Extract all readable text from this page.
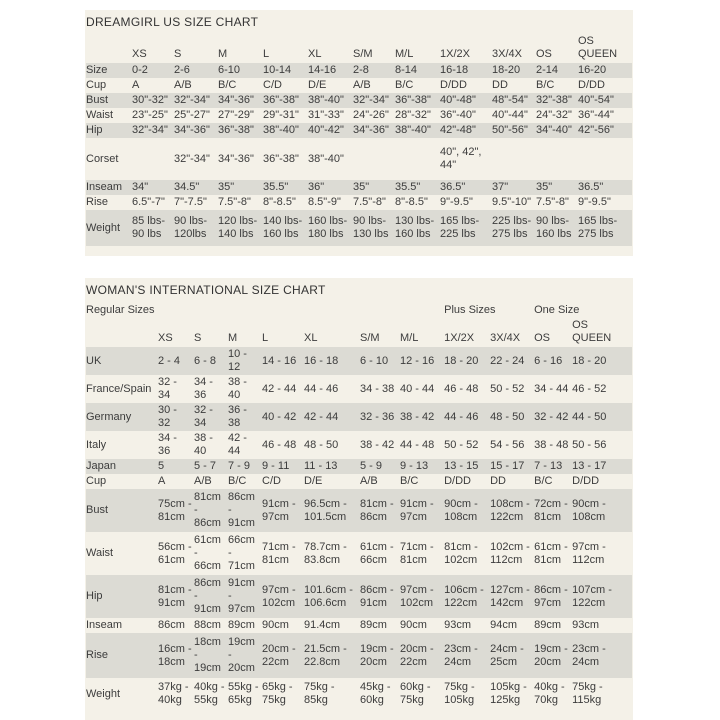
DREAMGIRL US SIZE CHART
	XS	S	M	L	XL	S/M	M/L	1X/2X	3X/4X	OS	OS QUEEN
Size	0-2	2-6	6-10	10-14	14-16	2-8	8-14	16-18	18-20	2-14	16-20
Cup	A	A/B	B/C	C/D	D/E	A/B	B/C	D/DD	DD	B/C	D/DD
Bust	30"-32"	32"-34"	34"-36"	36"-38"	38"-40"	32"-34"	36"-38"	40"-48"	48"-54"	32"-38"	40"-54"
Waist	23"-25"	25"-27"	27"-29"	29"-31"	31"-33"	24"-26"	28"-32"	36"-40"	40"-44"	24"-32"	36"-44"
Hip	32"-34"	34"-36"	36"-38"	38"-40"	40"-42"	34"-36"	38"-40"	42"-48"	50"-56"	34"-40"	42"-56"
Corset		32"-34"	34"-36"	36"-38"	38"-40"			40", 42", 44"			
Inseam	34"	34.5"	35"	35.5"	36"	35"	35.5"	36.5"	37"	35"	36.5"
Rise	6.5"-7"	7"-7.5"	7.5"-8"	8"-8.5"	8.5"-9"	7.5"-8"	8"-8.5"	9"-9.5"	9.5"-10"	7.5"-8"	9"-9.5"
Weight	85 lbs- 90 lbs	90 lbs- 120lbs	120 lbs-140 lbs	140 lbs-160 lbs	160 lbs-180 lbs	90 lbs- 130 lbs	130 lbs-160 lbs	165 lbs- 225 lbs	225 lbs- 275 lbs	90 lbs- 160 lbs	165 lbs- 275 lbs
WOMAN'S INTERNATIONAL SIZE CHART
Regular Sizes								Plus Sizes		One Size	
	XS	S	M	L	XL	S/M	M/L	1X/2X	3X/4X	OS	OS QUEEN
UK	2 - 4	6 - 8	10 - 12	14 - 16	16 - 18	6 - 10	12 - 16	18 - 20	22 - 24	6 - 16	18 - 20
France/Spain	32 - 34	34 - 36	38 - 40	42 - 44	44 - 46	34 - 38	40 - 44	46 - 48	50 - 52	34 - 44	46 - 52
Germany	30 - 32	32 - 34	36 - 38	40 - 42	42 - 44	32 - 36	38 - 42	44 - 46	48 - 50	32 - 42	44 - 50
Italy	34 - 36	38 - 40	42 - 44	46 - 48	48 - 50	38 - 42	44 - 48	50 - 52	54 - 56	38 - 48	50 - 56
Japan	5	5 - 7	7 - 9	9 - 11	11 - 13	5 - 9	9 - 13	13 - 15	15 - 17	7 - 13	13 - 17
Cup	A	A/B	B/C	C/D	D/E	A/B	B/C	D/DD	DD	B/C	D/DD
Bust	75cm - 81cm	81cm - 86cm	86cm - 91cm	91cm - 97cm	96.5cm - 101.5cm	81cm - 86cm	91cm - 97cm	90cm - 108cm	108cm - 122cm	72cm - 81cm	90cm - 108cm
Waist	56cm - 61cm	61cm - 66cm	66cm - 71cm	71cm - 81cm	78.7cm - 83.8cm	61cm - 66cm	71cm - 81cm	81cm - 102cm	102cm - 112cm	61cm - 81cm	97cm - 112cm
Hip	81cm - 91cm	86cm - 91cm	91cm - 97cm	97cm - 102cm	101.6cm - 106.6cm	86cm - 91cm	97cm - 102cm	106cm - 122cm	127cm - 142cm	86cm - 97cm	107cm - 122cm
Inseam	86cm	88cm	89cm	90cm	91.4cm	89cm	90cm	93cm	94cm	89cm	93cm
Rise	16cm - 18cm	18cm - 19cm	19cm - 20cm	20cm - 22cm	21.5cm - 22.8cm	19cm - 20cm	20cm - 22cm	23cm - 24cm	24cm - 25cm	19cm - 20cm	23cm - 24cm
Weight	37kg - 40kg	40kg - 55kg	55kg - 65kg	65kg - 75kg	75kg - 85kg	45kg - 60kg	60kg - 75kg	75kg - 105kg	105kg - 125kg	40kg - 70kg	75kg - 115kg
